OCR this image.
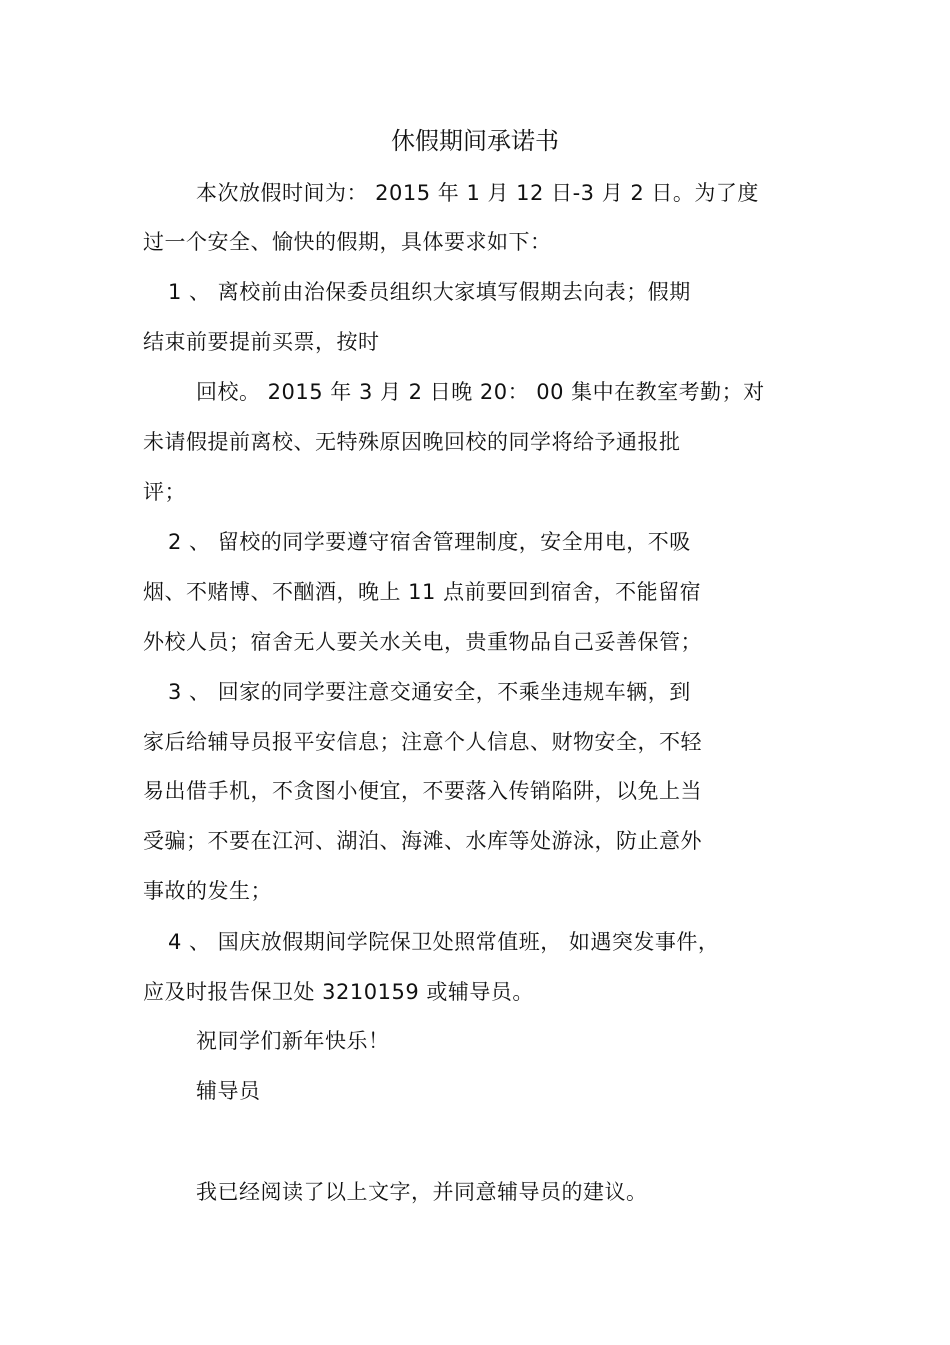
休假期间承诺书
本次放假时间为： 2015 年 1 月 12 日-3 月 2 日。为了度
过一个安全、愉快的假期，具体要求如下：
1 、 离校前由治保委员组织大家填写假期去向表；假期
结束前要提前买票，按时
回校。 2015 年 3 月 2 日晚 20： 00 集中在教室考勤；对
未请假提前离校、无特殊原因晚回校的同学将给予通报批
评；
2 、 留校的同学要遵守宿舍管理制度，安全用电，不吸
烟、不赌博、不酗酒，晚上 11 点前要回到宿舍，不能留宿
外校人员；宿舍无人要关水关电，贵重物品自己妥善保管；
3 、 回家的同学要注意交通安全，不乘坐违规车辆，到
家后给辅导员报平安信息；注意个人信息、财物安全，不轻
易出借手机，不贪图小便宜，不要落入传销陷阱，以免上当
受骗；不要在江河、湖泊、海滩、水库等处游泳，防止意外
事故的发生；
4 、 国庆放假期间学院保卫处照常值班， 如遇突发事件，
应及时报告保卫处 3210159 或辅导员。
祝同学们新年快乐！
辅导员
我已经阅读了以上文字，并同意辅导员的建议。
